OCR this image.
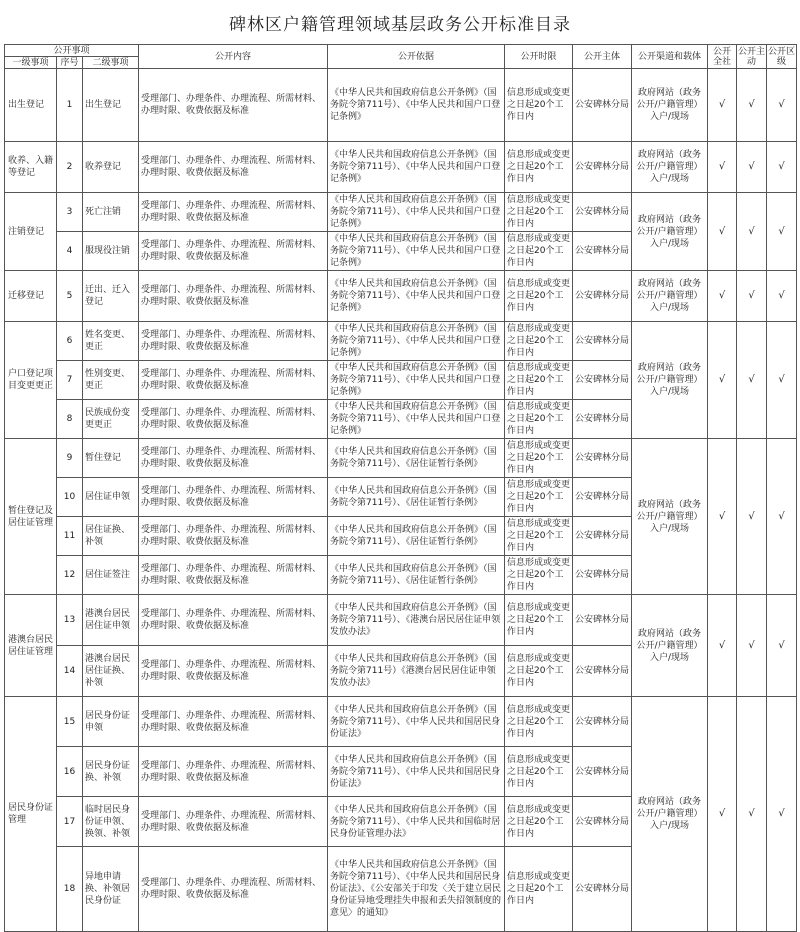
碑林区户籍管理领域基层政务公开标准目录
公开事项			公开内容	公开依据	公开时限	公开主体	公开渠道和载体	公开全社	公开主动	公开区级
一级事项	序号	二级事项								
出生登记	1	出生登记	受理部门、办理条件、办理流程、所需材料、办理时限、收费依据及标准	《中华人民共和国政府信息公开条例》（国务院令第711号）、《中华人民共和国户口登记条例》	信息形成或变更之日起20个工作日内	公安碑林分局	政府网站（政务公开/户籍管理）入户/现场	√	√	√
收养、入籍等登记	2	收养登记	受理部门、办理条件、办理流程、所需材料、办理时限、收费依据及标准	《中华人民共和国政府信息公开条例》（国务院令第711号）、《中华人民共和国户口登记条例》	信息形成或变更之日起20个工作日内	公安碑林分局	政府网站（政务公开/户籍管理）入户/现场	√	√	√
注销登记	3	死亡注销	受理部门、办理条件、办理流程、所需材料、办理时限、收费依据及标准	《中华人民共和国政府信息公开条例》（国务院令第711号）、《中华人民共和国户口登记条例》	信息形成或变更之日起20个工作日内	公安碑林分局	政府网站（政务公开/户籍管理）入户/现场	√	√	√
	4	服现役注销	受理部门、办理条件、办理流程、所需材料、办理时限、收费依据及标准	《中华人民共和国政府信息公开条例》（国务院令第711号）、《中华人民共和国户口登记条例》	信息形成或变更之日起20个工作日内	公安碑林分局				
迁移登记	5	迁出、迁入登记	受理部门、办理条件、办理流程、所需材料、办理时限、收费依据及标准	《中华人民共和国政府信息公开条例》（国务院令第711号）、《中华人民共和国户口登记条例》	信息形成或变更之日起20个工作日内	公安碑林分局	政府网站（政务公开/户籍管理）入户/现场	√	√	√
户口登记项目变更更正	6	姓名变更、更正	受理部门、办理条件、办理流程、所需材料、办理时限、收费依据及标准	《中华人民共和国政府信息公开条例》（国务院令第711号）、《中华人民共和国户口登记条例》	信息形成或变更之日起20个工作日内	公安碑林分局	政府网站（政务公开/户籍管理）入户/现场	√	√	√
	7	性别变更、更正	受理部门、办理条件、办理流程、所需材料、办理时限、收费依据及标准	《中华人民共和国政府信息公开条例》（国务院令第711号）、《中华人民共和国户口登记条例》	信息形成或变更之日起20个工作日内	公安碑林分局				
	8	民族成份变更更正	受理部门、办理条件、办理流程、所需材料、办理时限、收费依据及标准	《中华人民共和国政府信息公开条例》（国务院令第711号）、《中华人民共和国户口登记条例》	信息形成或变更之日起20个工作日内	公安碑林分局				
暂住登记及居住证管理	9	暂住登记	受理部门、办理条件、办理流程、所需材料、办理时限、收费依据及标准	《中华人民共和国政府信息公开条例》（国务院令第711号）、《居住证暂行条例》	信息形成或变更之日起20个工作日内	公安碑林分局	政府网站（政务公开/户籍管理）入户/现场	√	√	√
	10	居住证申领	受理部门、办理条件、办理流程、所需材料、办理时限、收费依据及标准	《中华人民共和国政府信息公开条例》（国务院令第711号）、《居住证暂行条例》	信息形成或变更之日起20个工作日内	公安碑林分局				
	11	居住证换、补领	受理部门、办理条件、办理流程、所需材料、办理时限、收费依据及标准	《中华人民共和国政府信息公开条例》（国务院令第711号）、《居住证暂行条例》	信息形成或变更之日起20个工作日内	公安碑林分局				
	12	居住证签注	受理部门、办理条件、办理流程、所需材料、办理时限、收费依据及标准	《中华人民共和国政府信息公开条例》（国务院令第711号）、《居住证暂行条例》	信息形成或变更之日起20个工作日内	公安碑林分局				
港澳台居民居住证管理	13	港澳台居民居住证申领	受理部门、办理条件、办理流程、所需材料、办理时限、收费依据及标准	《中华人民共和国政府信息公开条例》（国务院令第711号）、《港澳台居民居住证申领发放办法》	信息形成或变更之日起20个工作日内	公安碑林分局	政府网站（政务公开/户籍管理）入户/现场	√	√	√
	14	港澳台居民居住证换、补领	受理部门、办理条件、办理流程、所需材料、办理时限、收费依据及标准	《中华人民共和国政府信息公开条例》（国务院令第711号）《港澳台居民居住证申领发放办法》	信息形成或变更之日起20个工作日内	公安碑林分局				
居民身份证管理	15	居民身份证申领	受理部门、办理条件、办理流程、所需材料、办理时限、收费依据及标准	《中华人民共和国政府信息公开条例》（国务院令第711号）、《中华人民共和国居民身份证法》	信息形成或变更之日起20个工作日内	公安碑林分局	政府网站（政务公开/户籍管理）入户/现场	√	√	√
	16	居民身份证换、补领	受理部门、办理条件、办理流程、所需材料、办理时限、收费依据及标准	《中华人民共和国政府信息公开条例》（国务院令第711号）、《中华人民共和国居民身份证法》	信息形成或变更之日起20个工作日内	公安碑林分局				
	17	临时居民身份证申领、换领、补领	受理部门、办理条件、办理流程、所需材料、办理时限、收费依据及标准	《中华人民共和国政府信息公开条例》（国务院令第711号）、《中华人民共和国临时居民身份证管理办法》	信息形成或变更之日起20个工作日内	公安碑林分局				
	18	异地申请换、补领居民身份证	受理部门、办理条件、办理流程、所需材料、办理时限、收费依据及标准	《中华人民共和国政府信息公开条例》（国务院令第711号）、《中华人民共和国居民身份证法》、《公安部关于印发〈关于建立居民身份证异地受理挂失申报和丢失招领制度的意见〉的通知》	信息形成或变更之日起20个工作日内	公安碑林分局				
